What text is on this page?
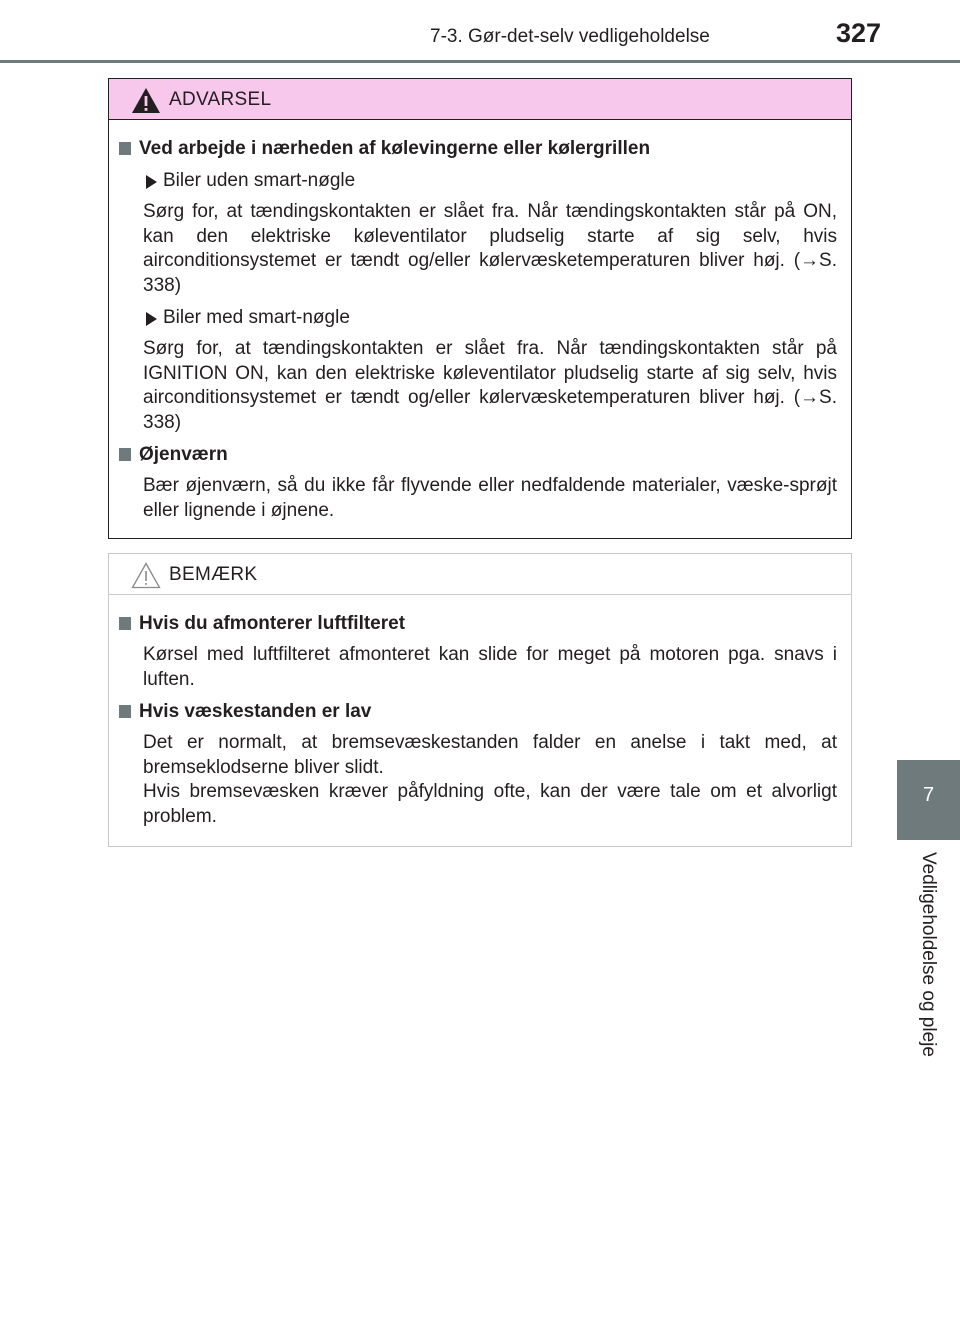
7-3. Gør-det-selv vedligeholdelse	327
7
Vedligeholdelse og pleje
ADVARSEL
Ved arbejde i nærheden af kølevingerne eller kølergrillen
Biler uden smart-nøgle
Sørg for, at tændingskontakten er slået fra. Når tændingskontakten står på ON, kan den elektriske køleventilator pludselig starte af sig selv, hvis airconditionsystemet er tændt og/eller kølervæsketemperaturen bliver høj. (→S. 338)
Biler med smart-nøgle
Sørg for, at tændingskontakten er slået fra. Når tændingskontakten står på IGNITION ON, kan den elektriske køleventilator pludselig starte af sig selv, hvis airconditionsystemet er tændt og/eller kølervæsketemperaturen bliver høj. (→S. 338)
Øjenværn
Bær øjenværn, så du ikke får flyvende eller nedfaldende materialer, væske-sprøjt eller lignende i øjnene.
BEMÆRK
Hvis du afmonterer luftfilteret
Kørsel med luftfilteret afmonteret kan slide for meget på motoren pga. snavs i luften.
Hvis væskestanden er lav
Det er normalt, at bremsevæskestanden falder en anelse i takt med, at bremseklodserne bliver slidt.
Hvis bremsevæsken kræver påfyldning ofte, kan der være tale om et alvorligt problem.
